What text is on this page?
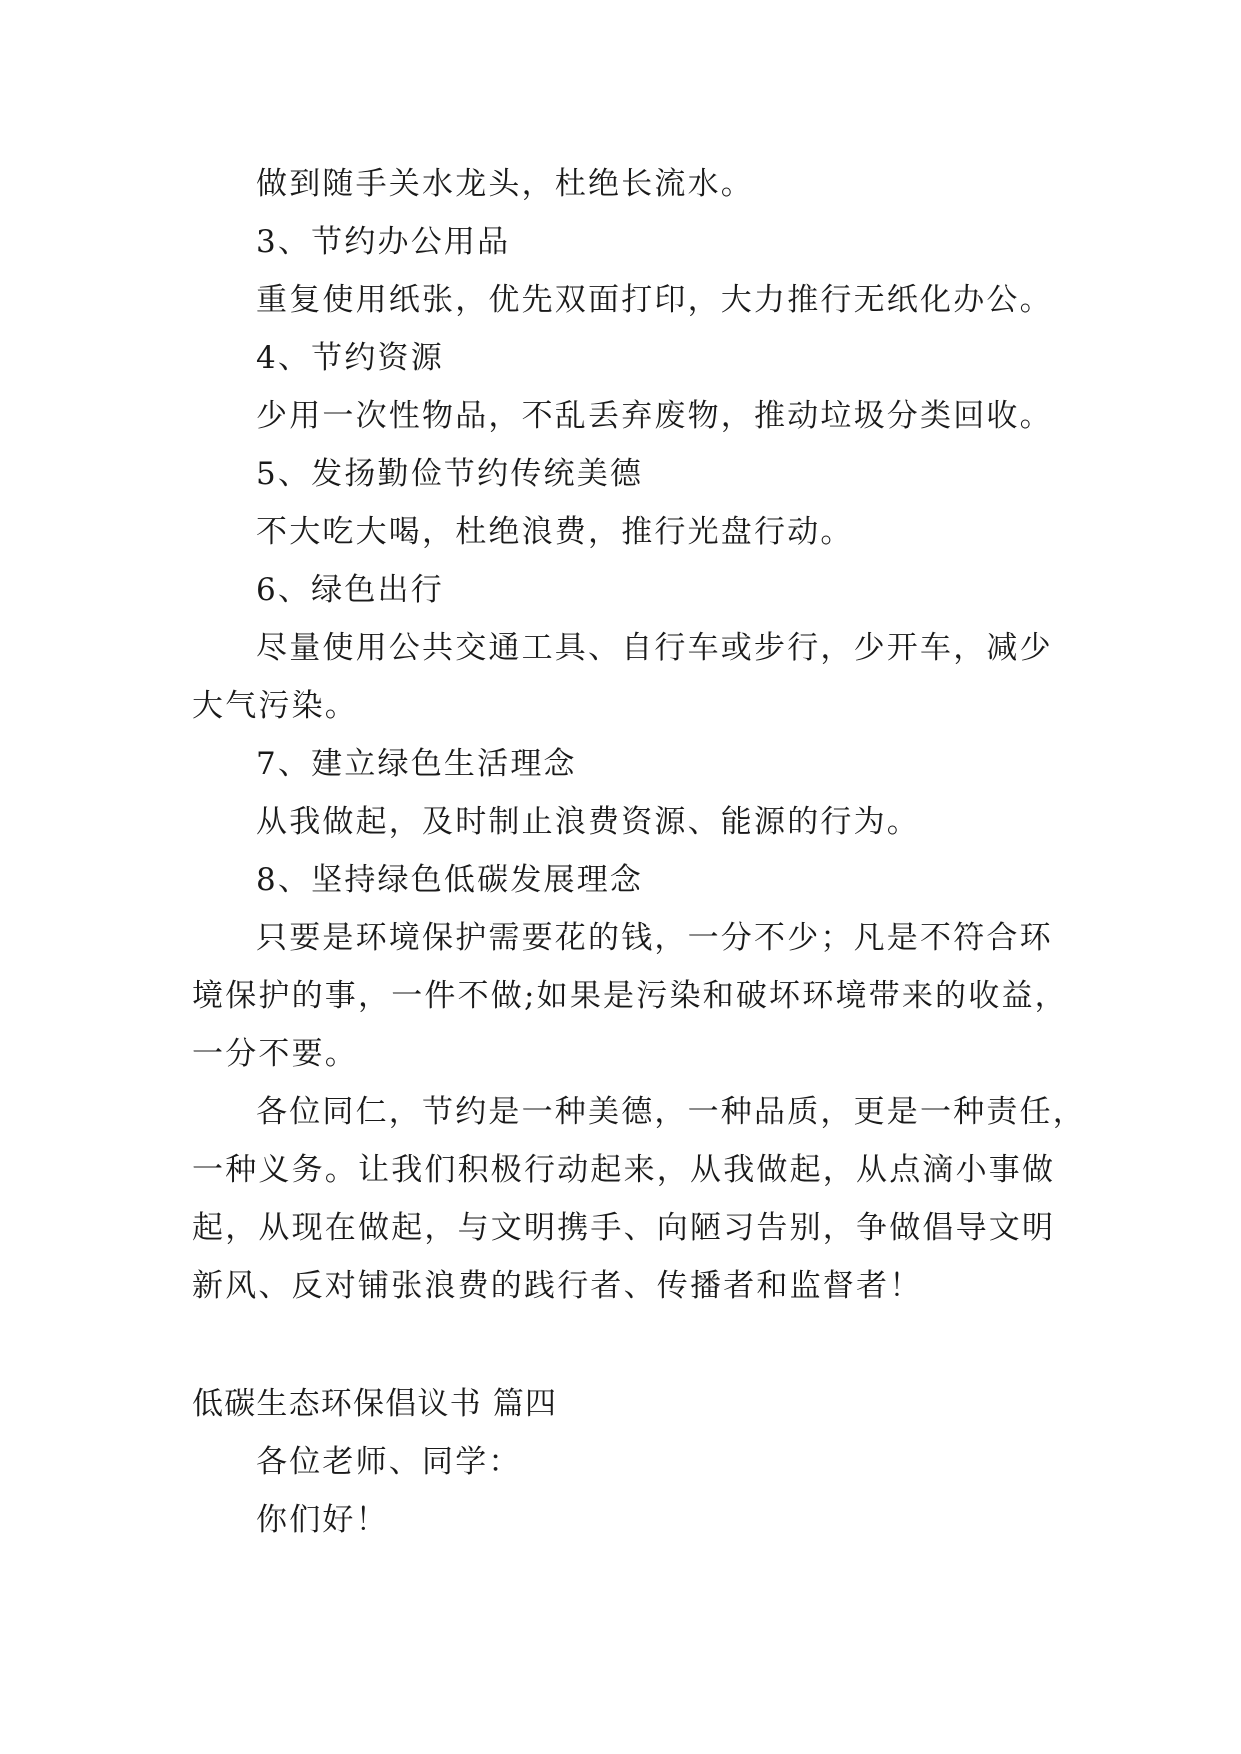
做到随手关水龙头，杜绝长流水。
3、节约办公用品
重复使用纸张，优先双面打印，大力推行无纸化办公。
4、节约资源
少用一次性物品，不乱丢弃废物，推动垃圾分类回收。
5、发扬勤俭节约传统美德
不大吃大喝，杜绝浪费，推行光盘行动。
6、绿色出行
尽量使用公共交通工具、自行车或步行，少开车，减少
大气污染。
7、建立绿色生活理念
从我做起，及时制止浪费资源、能源的行为。
8、坚持绿色低碳发展理念
只要是环境保护需要花的钱，一分不少；凡是不符合环
境保护的事，一件不做;如果是污染和破坏环境带来的收益，
一分不要。
各位同仁，节约是一种美德，一种品质，更是一种责任，
一种义务。让我们积极行动起来，从我做起，从点滴小事做
起，从现在做起，与文明携手、向陋习告别，争做倡导文明
新风、反对铺张浪费的践行者、传播者和监督者！
低碳生态环保倡议书 篇四
各位老师、同学：
你们好！
